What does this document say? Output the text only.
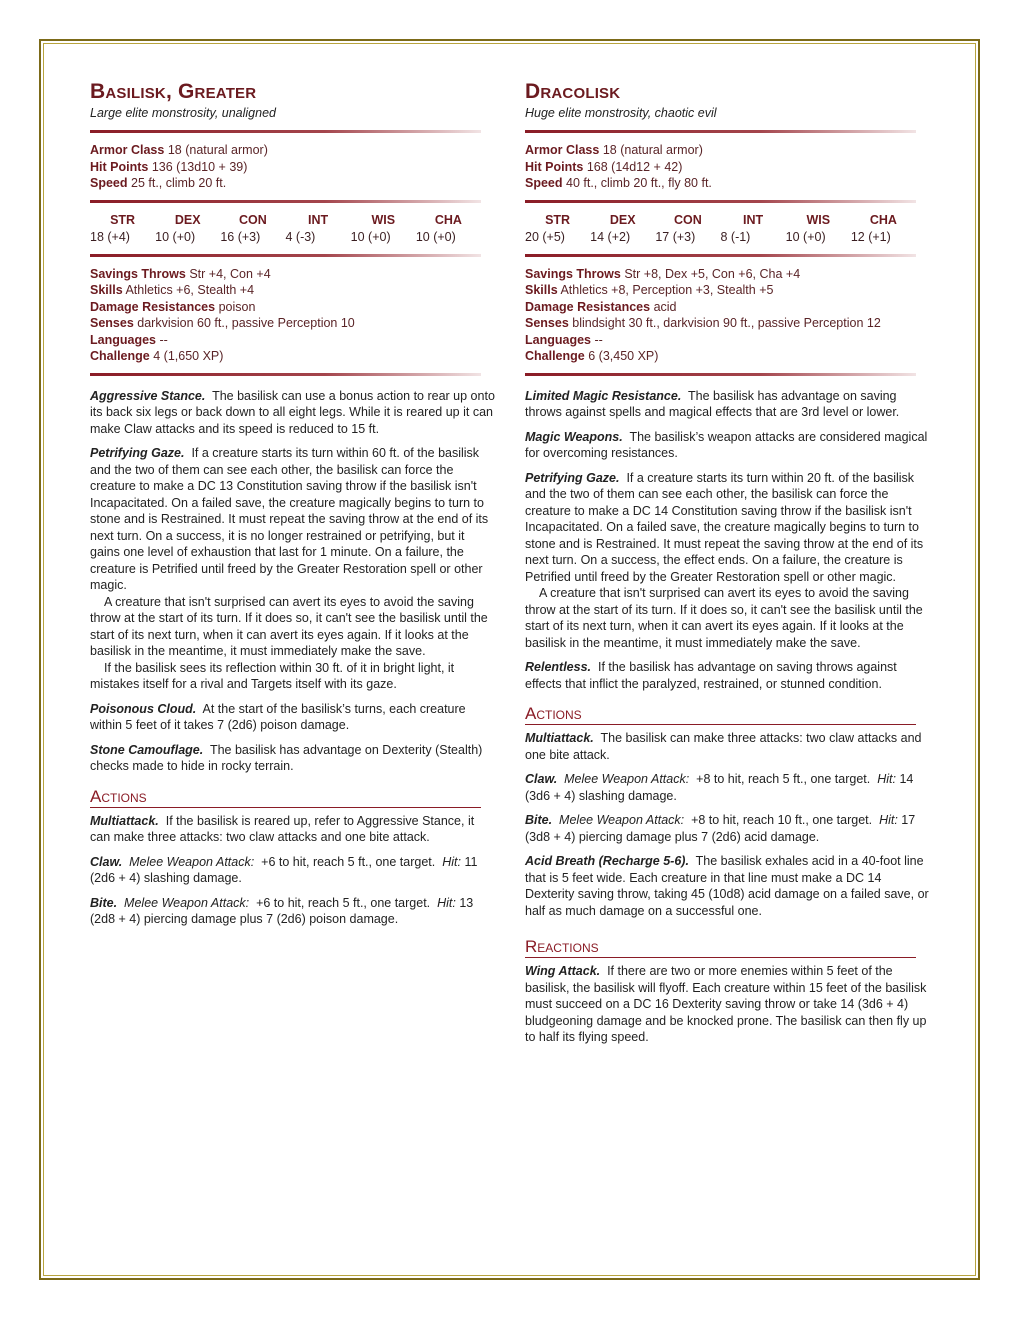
Basilisk, Greater
Large elite monstrosity, unaligned
Armor Class 18 (natural armor)
Hit Points 136 (13d10 + 39)
Speed 25 ft., climb 20 ft.
STR	DEX	CON	INT	WIS	CHA
18 (+4)	10 (+0)	16 (+3)	4 (-3)	10 (+0)	10 (+0)
Savings Throws Str +4, Con +4
Skills Athletics +6, Stealth +4
Damage Resistances poison
Senses darkvision 60 ft., passive Perception 10
Languages --
Challenge 4 (1,650 XP)

Aggressive Stance. The basilisk can use a bonus action to rear up onto its back six legs or back down to all eight legs. While it is reared up it can make Claw attacks and its speed is reduced to 15 ft.

Petrifying Gaze. If a creature starts its turn within 60 ft. of the basilisk and the two of them can see each other, the basilisk can force the creature to make a DC 13 Constitution saving throw if the basilisk isn't Incapacitated. On a failed save, the creature magically begins to turn to stone and is Restrained. It must repeat the saving throw at the end of its next turn. On a success, it is no longer restrained or petrifying, but it gains one level of exhaustion that last for 1 minute. On a failure, the creature is Petrified until freed by the Greater Restoration spell or other magic.

A creature that isn't surprised can avert its eyes to avoid the saving throw at the start of its turn. If it does so, it can't see the basilisk until the start of its next turn, when it can avert its eyes again. If it looks at the basilisk in the meantime, it must immediately make the save.

If the basilisk sees its reflection within 30 ft. of it in bright light, it mistakes itself for a rival and Targets itself with its gaze.

Poisonous Cloud. At the start of the basilisk’s turns, each creature within 5 feet of it takes 7 (2d6) poison damage.

Stone Camouflage. The basilisk has advantage on Dexterity (Stealth) checks made to hide in rocky terrain.

Actions

Multiattack. If the basilisk is reared up, refer to Aggressive Stance, it can make three attacks: two claw attacks and one bite attack.

Claw. Melee Weapon Attack: +6 to hit, reach 5 ft., one target. Hit: 11 (2d6 + 4) slashing damage.

Bite. Melee Weapon Attack: +6 to hit, reach 5 ft., one target. Hit: 13 (2d8 + 4) piercing damage plus 7 (2d6) poison damage.

Dracolisk
Huge elite monstrosity, chaotic evil
Armor Class 18 (natural armor)
Hit Points 168 (14d12 + 42)
Speed 40 ft., climb 20 ft., fly 80 ft.
STR	DEX	CON	INT	WIS	CHA
20 (+5)	14 (+2)	17 (+3)	8 (-1)	10 (+0)	12 (+1)
Savings Throws Str +8, Dex +5, Con +6, Cha +4
Skills Athletics +8, Perception +3, Stealth +5
Damage Resistances acid
Senses blindsight 30 ft., darkvision 90 ft., passive Perception 12
Languages --
Challenge 6 (3,450 XP)

Limited Magic Resistance. The basilisk has advantage on saving throws against spells and magical effects that are 3rd level or lower.

Magic Weapons. The basilisk’s weapon attacks are considered magical for overcoming resistances.

Petrifying Gaze. If a creature starts its turn within 20 ft. of the basilisk and the two of them can see each other, the basilisk can force the creature to make a DC 14 Constitution saving throw if the basilisk isn't Incapacitated. On a failed save, the creature magically begins to turn to stone and is Restrained. It must repeat the saving throw at the end of its next turn. On a success, the effect ends. On a failure, the creature is Petrified until freed by the Greater Restoration spell or other magic.

A creature that isn't surprised can avert its eyes to avoid the saving throw at the start of its turn. If it does so, it can't see the basilisk until the start of its next turn, when it can avert its eyes again. If it looks at the basilisk in the meantime, it must immediately make the save.

Relentless. If the basilisk has advantage on saving throws against effects that inflict the paralyzed, restrained, or stunned condition.

Actions

Multiattack. The basilisk can make three attacks: two claw attacks and one bite attack.

Claw. Melee Weapon Attack: +8 to hit, reach 5 ft., one target. Hit: 14 (3d6 + 4) slashing damage.

Bite. Melee Weapon Attack: +8 to hit, reach 10 ft., one target. Hit: 17 (3d8 + 4) piercing damage plus 7 (2d6) acid damage.

Acid Breath (Recharge 5-6). The basilisk exhales acid in a 40-foot line that is 5 feet wide. Each creature in that line must make a DC 14 Dexterity saving throw, taking 45 (10d8) acid damage on a failed save, or half as much damage on a successful one.

Reactions

Wing Attack. If there are two or more enemies within 5 feet of the basilisk, the basilisk will flyoff. Each creature within 15 feet of the basilisk must succeed on a DC 16 Dexterity saving throw or take 14 (3d6 + 4) bludgeoning damage and be knocked prone. The basilisk can then fly up to half its flying speed.
